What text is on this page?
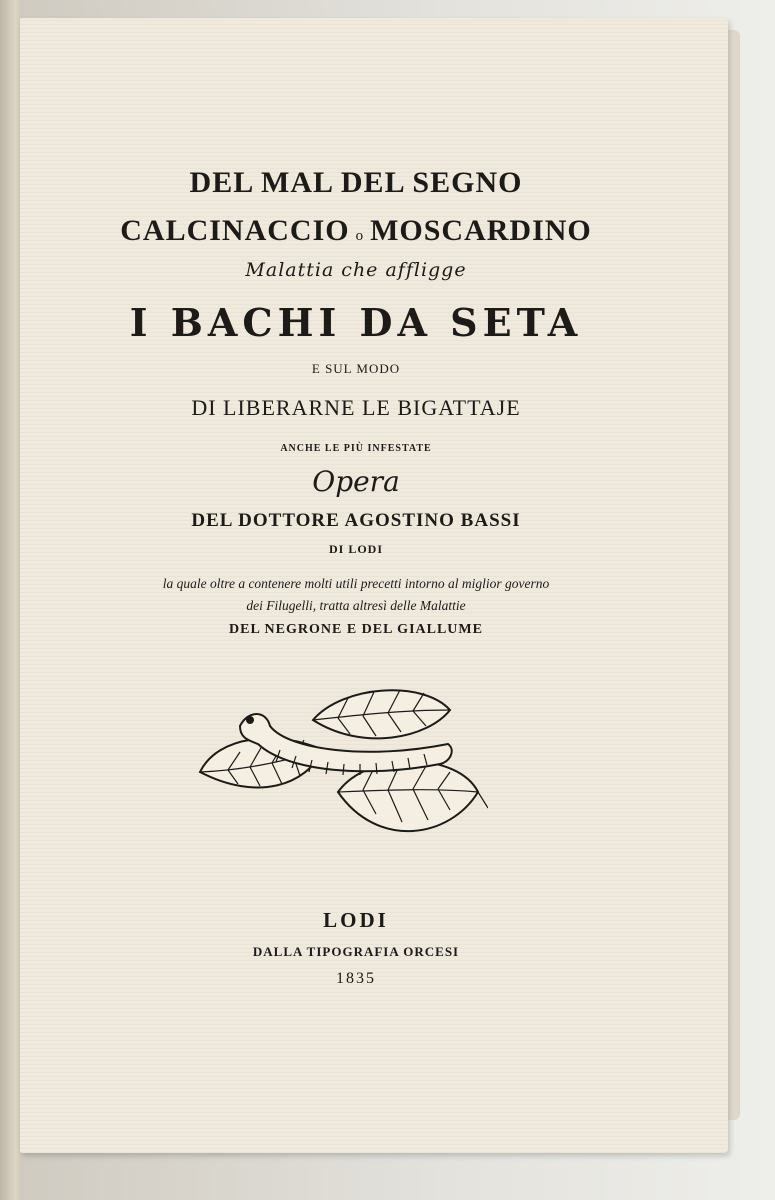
DEL MAL DEL SEGNO
CALCINACCIO o MOSCARDINO
Malattia che affligge
I BACHI DA SETA
E SUL MODO
DI LIBERARNE LE BIGATTAJE
ANCHE LE PIÙ INFESTATE
Opera
DEL DOTTORE AGOSTINO BASSI
DI LODI
la quale oltre a contenere molti utili precetti intorno al miglior governo
dei Filugelli, tratta altresì delle Malattie
DEL NEGRONE E DEL GIALLUME
LODI
DALLA TIPOGRAFIA ORCESI
1835
